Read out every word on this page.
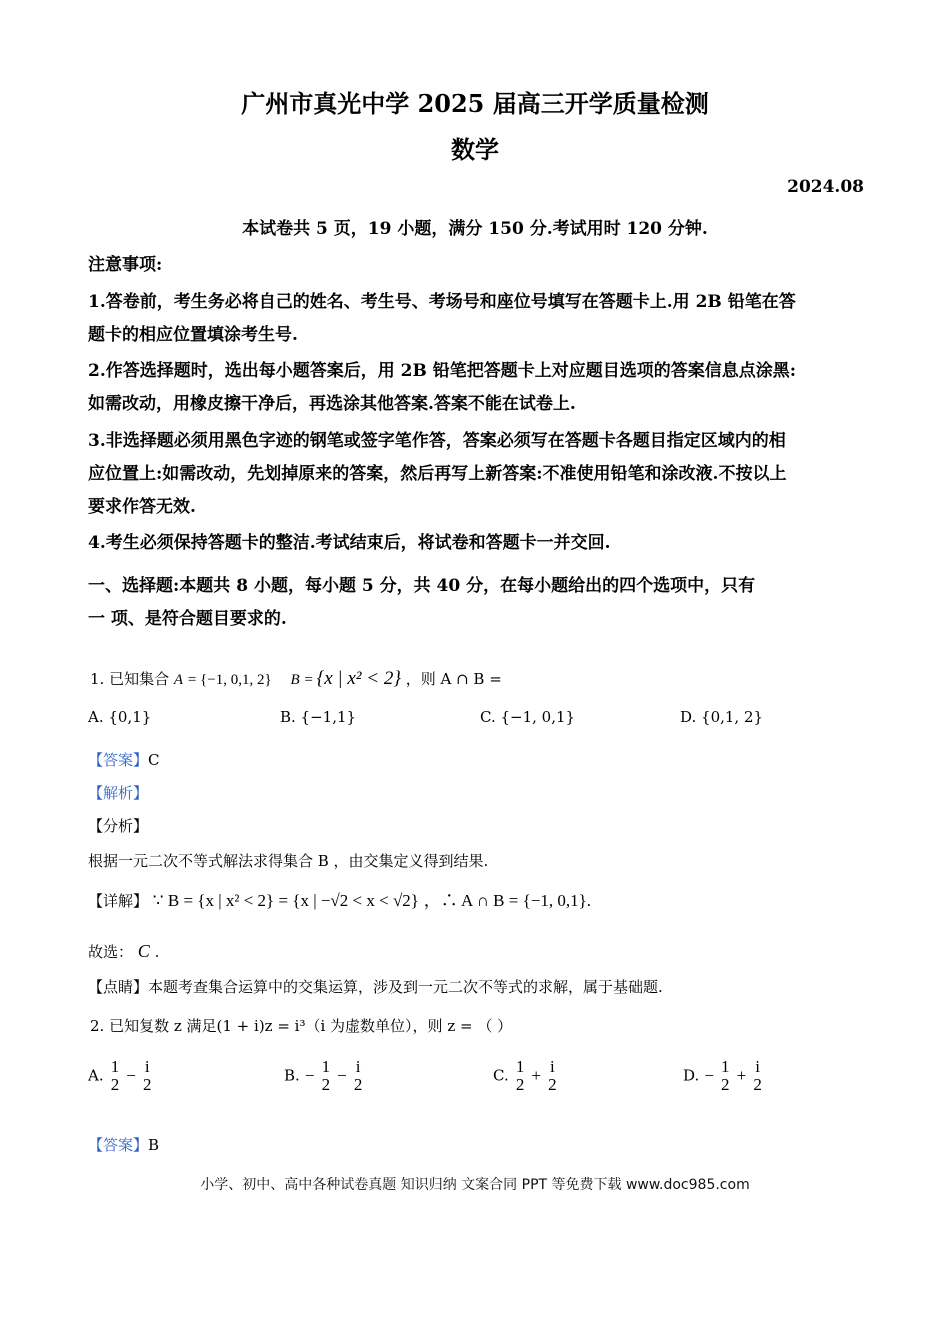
广州市真光中学 2025 届高三开学质量检测
数学
2024.08
本试卷共 5 页，19 小题，满分 150 分.考试用时 120 分钟.
注意事项:
1.答卷前，考生务必将自己的姓名、考生号、考场号和座位号填写在答题卡上.用 2B 铅笔在答
题卡的相应位置填涂考生号.
2.作答选择题时，选出每小题答案后，用 2B 铅笔把答题卡上对应题目选项的答案信息点涂黑:
如需改动，用橡皮擦干净后，再选涂其他答案.答案不能在试卷上.
3.非选择题必须用黑色字迹的钢笔或签字笔作答，答案必须写在答题卡各题目指定区域内的相
应位置上:如需改动，先划掉原来的答案，然后再写上新答案:不准使用铅笔和涂改液.不按以上
要求作答无效.
4.考生必须保持答题卡的整洁.考试结束后，将试卷和答题卡一并交回.
一、选择题:本题共 8 小题，每小题 5 分，共 40 分，在每小题给出的四个选项中，只有
一 项、是符合题目要求的.
1. 已知集合 A = {−1, 0,1, 2} B = {x | x² < 2} ，则 A ∩ B =
A. {0,1}	B. {−1,1}	C. {−1, 0,1}	D. {0,1, 2}
【答案】C
【解析】
【分析】
根据一元二次不等式解法求得集合 B ，由交集定义得到结果.
【详解】 ∵ B = {x | x² < 2} = {x | −√2 < x < √2} ，∴ A ∩ B = {−1, 0,1}.
故选： C .
【点睛】本题考查集合运算中的交集运算，涉及到一元二次不等式的求解，属于基础题.
2. 已知复数 z 满足(1 + i)z = i³（i 为虚数单位），则 z = （ ）
A. 1
2 − i
2	B. − 1
2 − i
2	C. 1
2 + i
2	D. − 1
2 + i
2
【答案】B
小学、初中、高中各种试卷真题 知识归纳 文案合同 PPT 等免费下载 www.doc985.com
